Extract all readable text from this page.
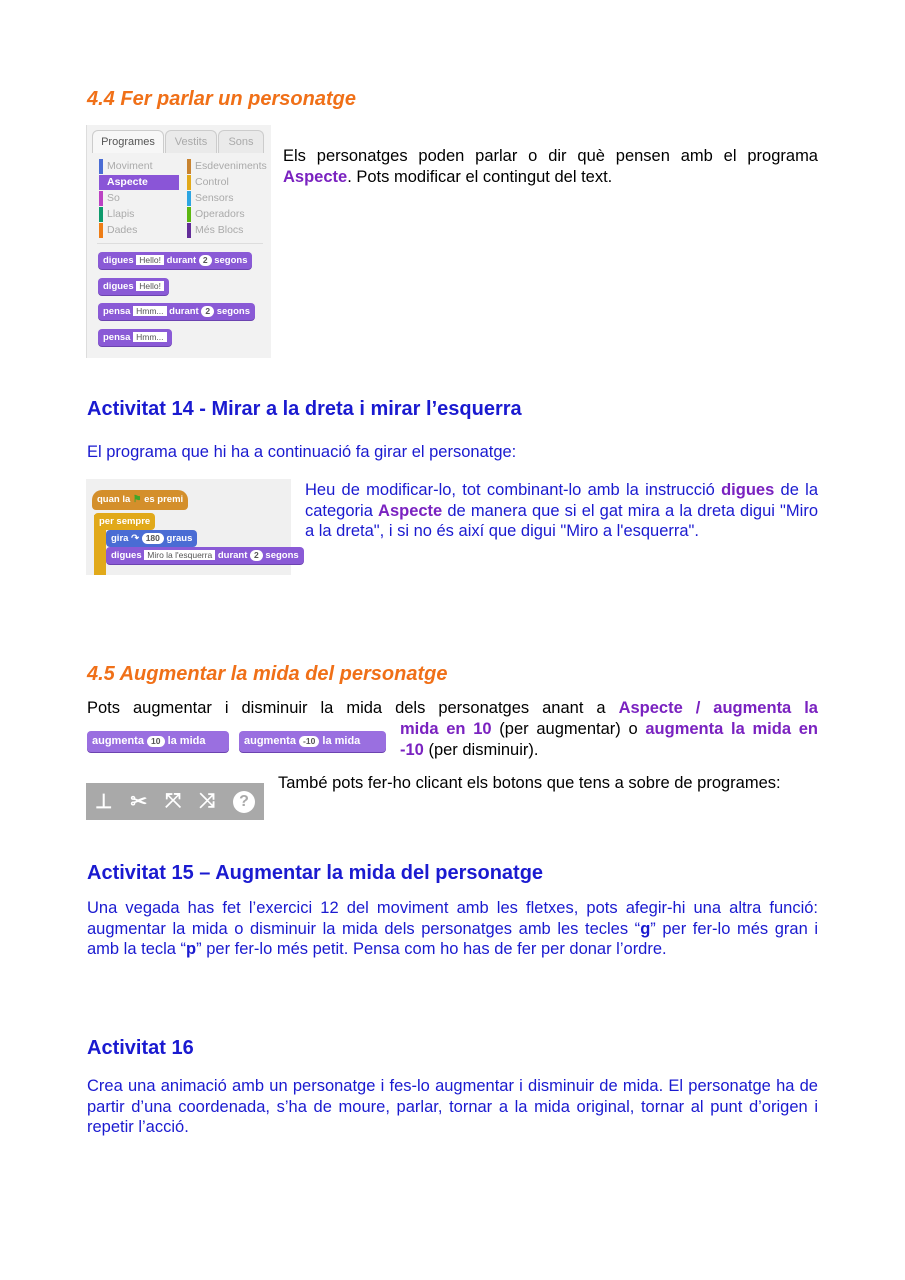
4.4 Fer parlar un personatge
Programes	Vestits	Sons
Moviment
Aspecte
So
Llapis
Dades
Esdeveniments
Control
Sensors
Operadors
Més Blocs
digues Hello! durant 2 segons
digues Hello!
pensa Hmm... durant 2 segons
pensa Hmm...
Els personatges poden parlar o dir què pensen amb el programa Aspecte. Pots modificar el contingut del text.
Activitat 14 - Mirar a la dreta i mirar l’esquerra
El programa que hi ha a continuació fa girar el personatge:
quan la ⚑ es premi
per sempre
gira ↷ 180 graus
digues Miro la l'esquerra durant 2 segons
Heu de modificar-lo, tot combinant-lo amb la instrucció digues de la categoria Aspecte de manera que si el gat mira a la dreta digui "Miro a la dreta", i si no és així que digui "Miro a l'esquerra".
4.5 Augmentar la mida del personatge
Pots augmentar i disminuir la mida dels personatges anant a Aspecte / augmenta la
mida en 10 (per augmentar) o augmenta la mida en -10 (per disminuir).
augmenta 10 la mida	augmenta -10 la mida
⊥ ✂ ⤧ ⤨	?
També pots fer-ho clicant els botons que tens a sobre de programes:
Activitat 15 – Augmentar la mida del personatge
Una vegada has fet l’exercici 12 del moviment amb les fletxes, pots afegir-hi una altra funció: augmentar la mida o disminuir la mida dels personatges amb les tecles “g” per fer-lo més gran i amb la tecla “p” per fer-lo més petit. Pensa com ho has de fer per donar l’ordre.
Activitat 16
Crea una animació amb un personatge i fes-lo augmentar i disminuir de mida. El personatge ha de partir d’una coordenada, s’ha de moure, parlar, tornar a la mida original, tornar al punt d’origen i repetir l’acció.
